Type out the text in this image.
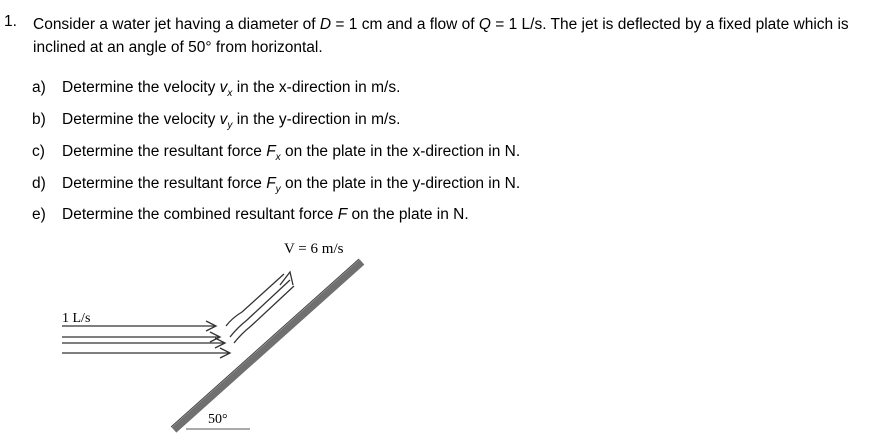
1. Consider a water jet having a diameter of D = 1 cm and a flow of Q = 1 L/s. The jet is deflected by a fixed plate which is inclined at an angle of 50° from horizontal.
a) Determine the velocity $v_x$ in the x-direction in m/s.
b) Determine the velocity $v_y$ in the y-direction in m/s.
c) Determine the resultant force $F_x$ on the plate in the x-direction in N.
d) Determine the resultant force $F_y$ on the plate in the y-direction in N.
e) Determine the combined resultant force F on the plate in N.
V = 6 m/s
1 L/s
50°
